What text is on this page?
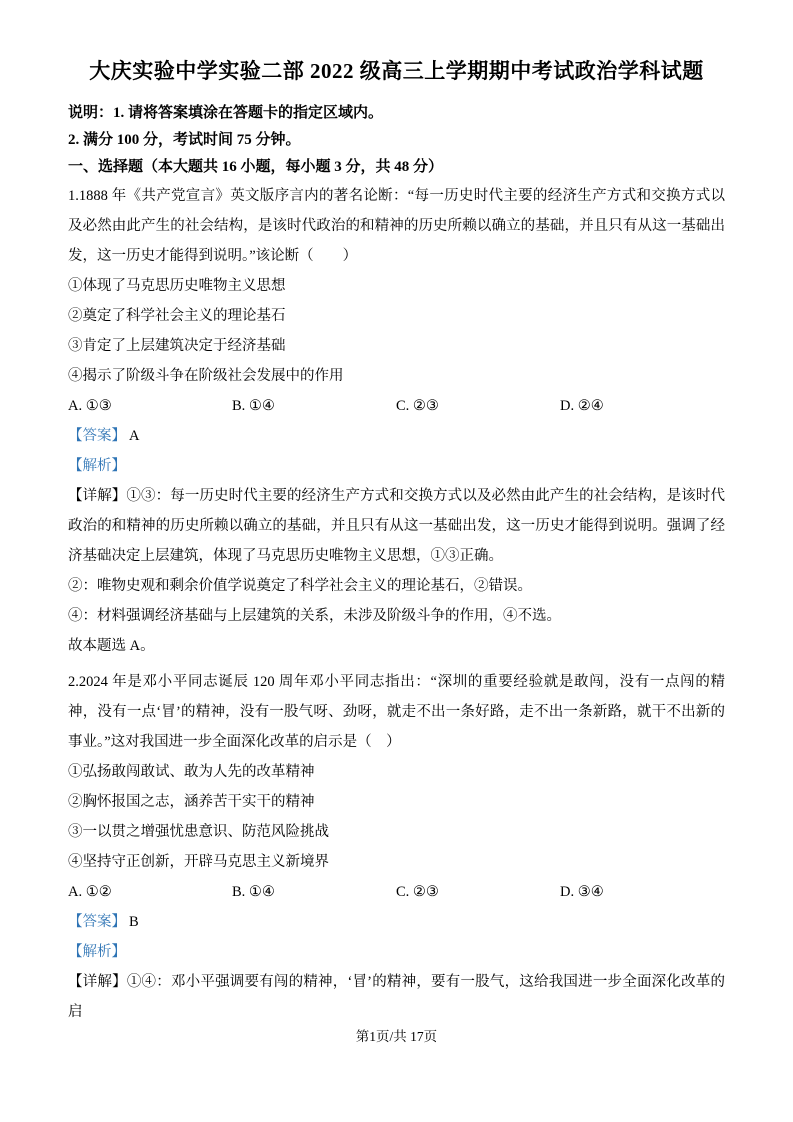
大庆实验中学实验二部 2022 级高三上学期期中考试政治学科试题

说明：1. 请将答案填涂在答题卡的指定区域内。

2. 满分 100 分，考试时间 75 分钟。

一、选择题（本大题共 16 小题，每小题 3 分，共 48 分）

1.1888 年《共产党宣言》英文版序言内的著名论断：“每一历史时代主要的经济生产方式和交换方式以及必然由此产生的社会结构，是该时代政治的和精神的历史所赖以确立的基础，并且只有从这一基础出发，这一历史才能得到说明。”该论断（　　）

①体现了马克思历史唯物主义思想

②奠定了科学社会主义的理论基石

③肯定了上层建筑决定于经济基础

④揭示了阶级斗争在阶级社会发展中的作用

A. ①③	B. ①④	C. ②③	D. ②④

【答案】 A

【解析】

【详解】①③：每一历史时代主要的经济生产方式和交换方式以及必然由此产生的社会结构，是该时代政治的和精神的历史所赖以确立的基础，并且只有从这一基础出发，这一历史才能得到说明。强调了经济基础决定上层建筑，体现了马克思历史唯物主义思想，①③正确。

②：唯物史观和剩余价值学说奠定了科学社会主义的理论基石，②错误。

④：材料强调经济基础与上层建筑的关系，未涉及阶级斗争的作用，④不选。

故本题选 A。

2.2024 年是邓小平同志诞辰 120 周年邓小平同志指出：“深圳的重要经验就是敢闯，没有一点闯的精神，没有一点‘冒’的精神，没有一股气呀、劲呀，就走不出一条好路，走不出一条新路，就干不出新的事业。”这对我国进一步全面深化改革的启示是（　）

①弘扬敢闯敢试、敢为人先的改革精神

②胸怀报国之志，涵养苦干实干的精神

③一以贯之增强忧患意识、防范风险挑战

④坚持守正创新，开辟马克思主义新境界

A. ①②	B. ①④	C. ②③	D. ③④

【答案】 B

【解析】

【详解】①④：邓小平强调要有闯的精神，‘冒’的精神，要有一股气，这给我国进一步全面深化改革的启

第1页/共 17页
